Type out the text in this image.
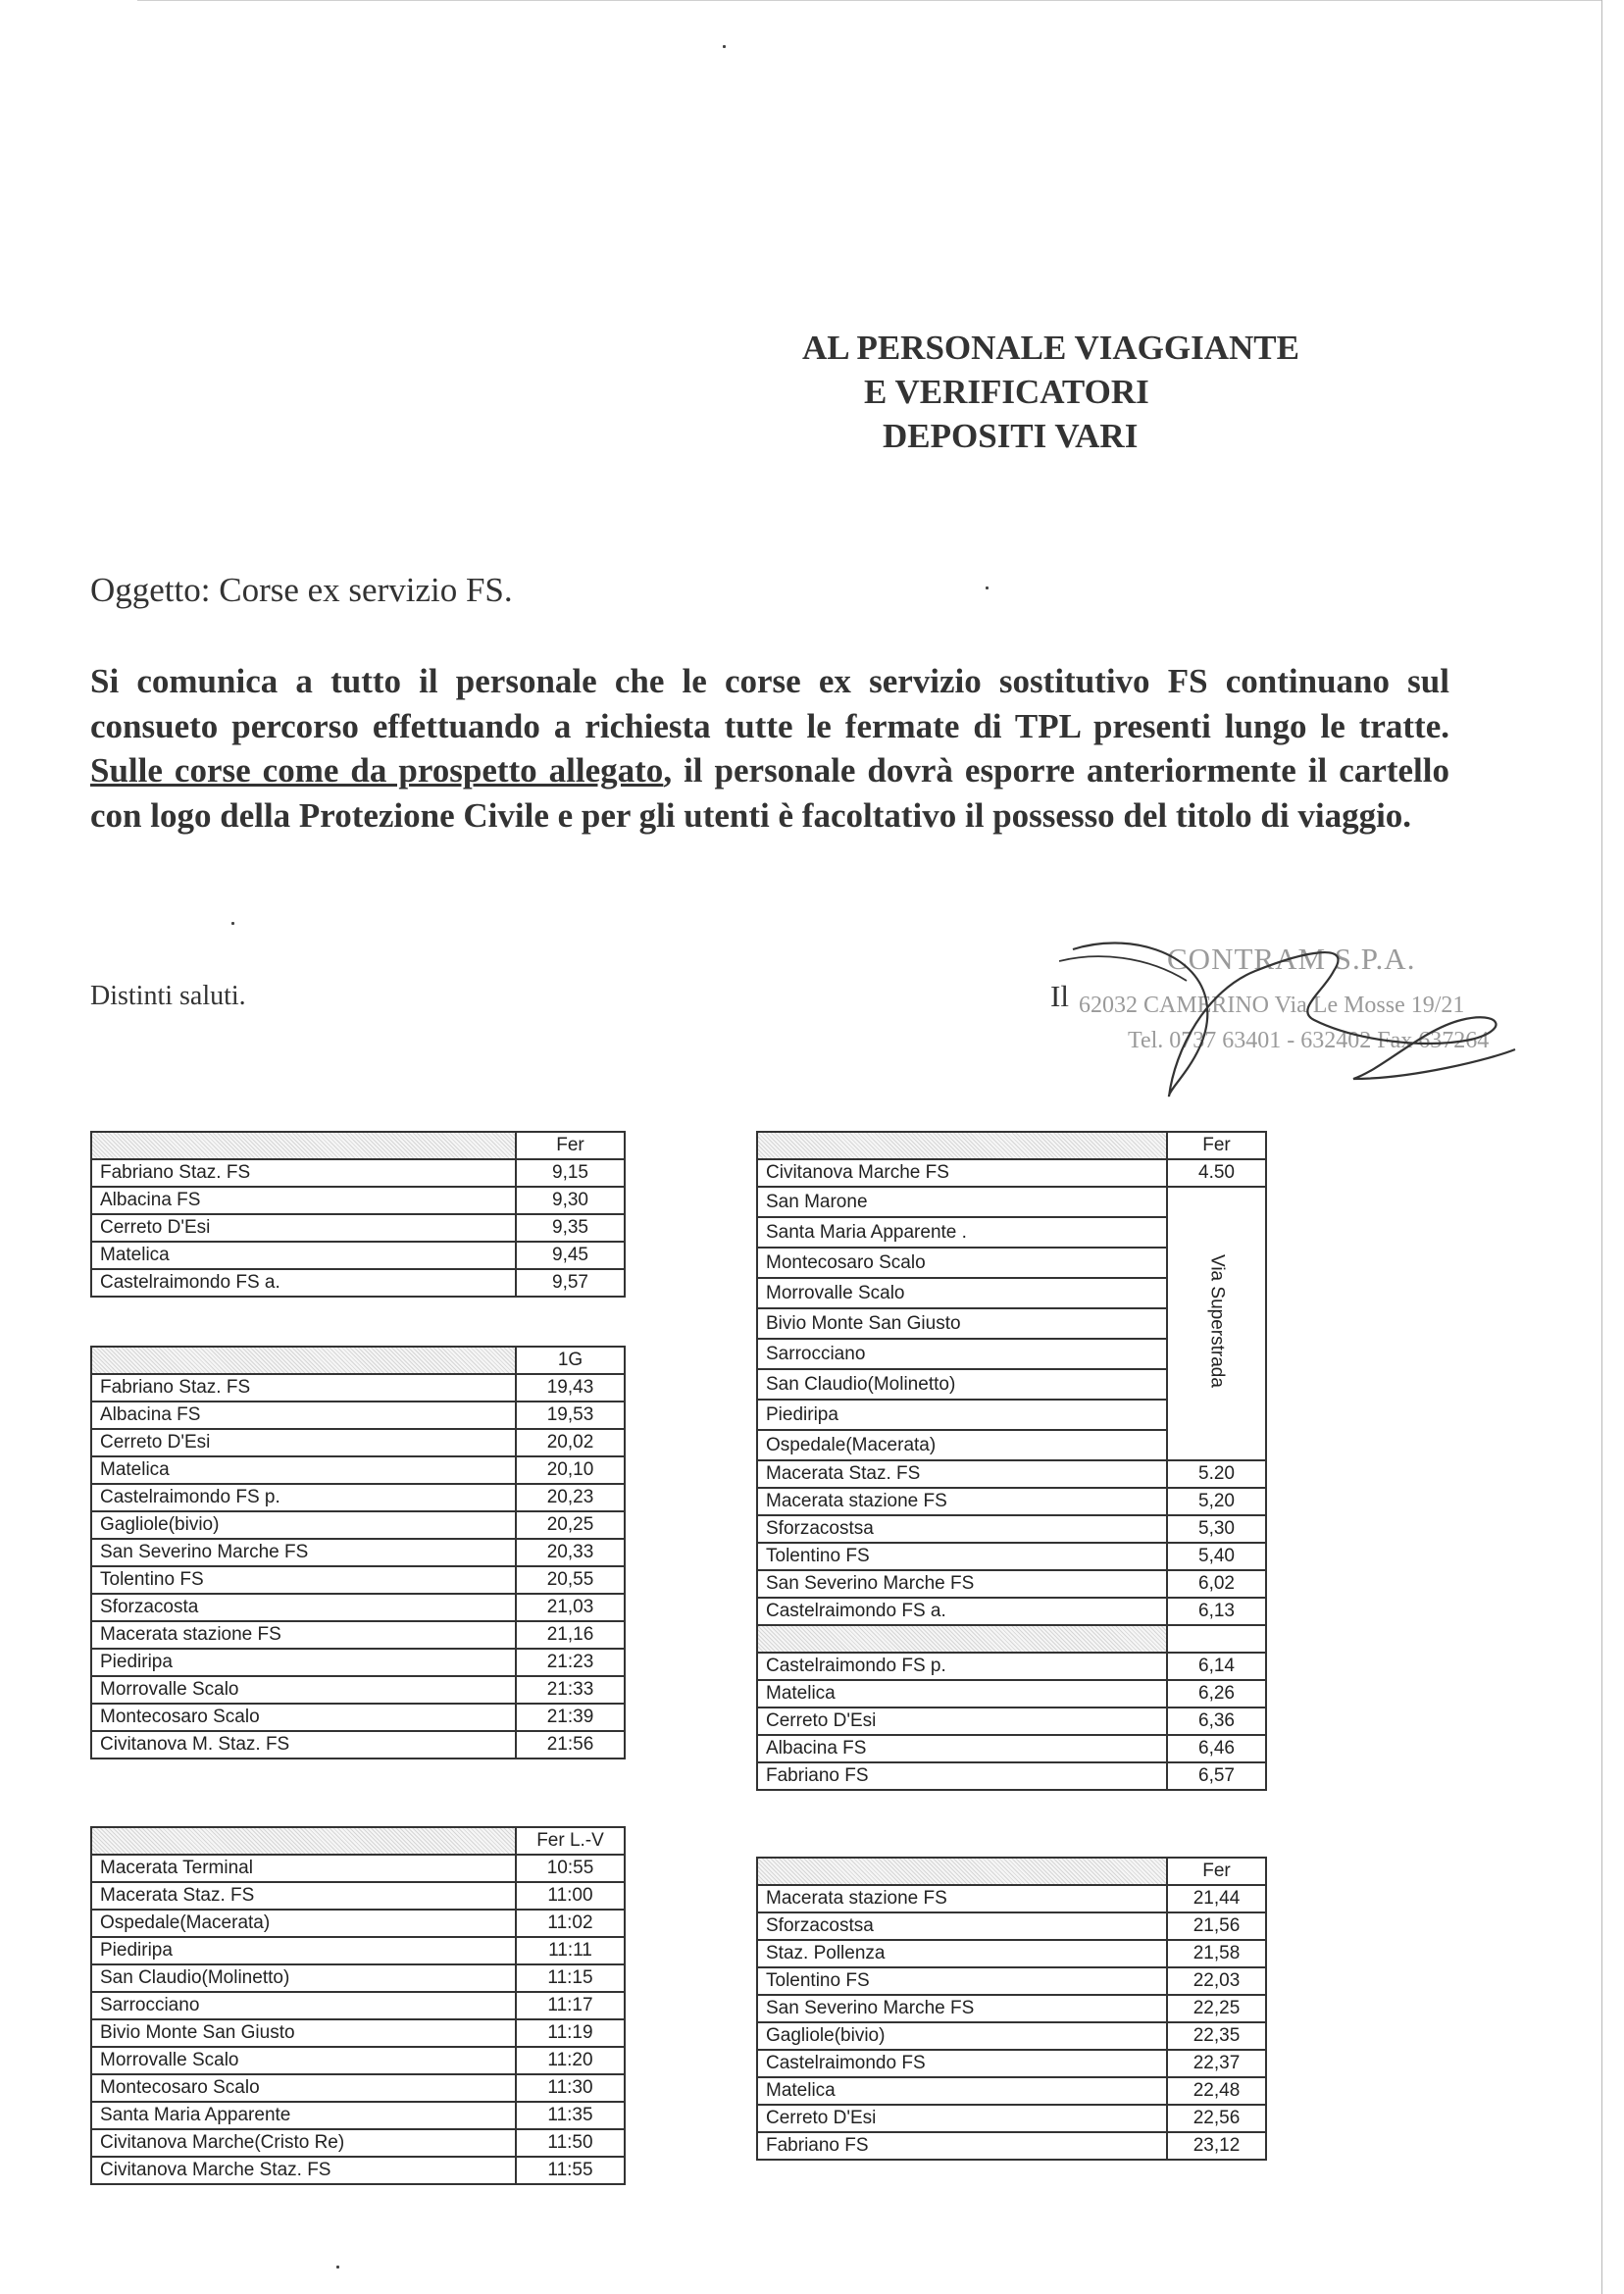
AL PERSONALE VIAGGIANTE
E VERIFICATORI
DEPOSITI VARI
Oggetto: Corse ex servizio FS.
Si comunica a tutto il personale che le corse ex servizio sostitutivo FS continuano sul consueto percorso effettuando a richiesta tutte le fermate di TPL presenti lungo le tratte. Sulle corse come da prospetto allegato, il personale dovrà esporre anteriormente il cartello con logo della Protezione Civile e per gli utenti è facoltativo il possesso del titolo di viaggio.
Distinti saluti.	Il
CONTRAM S.P.A.
62032 CAMERINO Via Le Mosse 19/21
Tel. 0737 63401 - 632402 Fax 637264
	Fer
Fabriano Staz. FS	9,15
Albacina FS	9,30
Cerreto D'Esi	9,35
Matelica	9,45
Castelraimondo FS a.	9,57
	1G
Fabriano Staz. FS	19,43
Albacina FS	19,53
Cerreto D'Esi	20,02
Matelica	20,10
Castelraimondo FS p.	20,23
Gagliole(bivio)	20,25
San Severino Marche FS	20,33
Tolentino FS	20,55
Sforzacosta	21,03
Macerata stazione FS	21,16
Piediripa	21:23
Morrovalle Scalo	21:33
Montecosaro Scalo	21:39
Civitanova M. Staz. FS	21:56
	Fer L.-V
Macerata Terminal	10:55
Macerata Staz. FS	11:00
Ospedale(Macerata)	11:02
Piediripa	11:11
San Claudio(Molinetto)	11:15
Sarrocciano	11:17
Bivio Monte San Giusto	11:19
Morrovalle Scalo	11:20
Montecosaro Scalo	11:30
Santa Maria Apparente	11:35
Civitanova Marche(Cristo Re)	11:50
Civitanova Marche Staz. FS	11:55
	Fer
Civitanova Marche FS	4.50
San Marone	Via Superstrada
Santa Maria Apparente .	
Montecosaro Scalo	
Morrovalle Scalo	
Bivio Monte San Giusto	
Sarrocciano	
San Claudio(Molinetto)	
Piediripa	
Ospedale(Macerata)	
Macerata Staz. FS	5.20
Macerata stazione FS	5,20
Sforzacostsa	5,30
Tolentino FS	5,40
San Severino Marche FS	6,02
Castelraimondo FS a.	6,13

Castelraimondo FS p.	6,14
Matelica	6,26
Cerreto D'Esi	6,36
Albacina FS	6,46
Fabriano FS	6,57
	Fer
Macerata stazione FS	21,44
Sforzacostsa	21,56
Staz. Pollenza	21,58
Tolentino FS	22,03
San Severino Marche FS	22,25
Gagliole(bivio)	22,35
Castelraimondo FS	22,37
Matelica	22,48
Cerreto D'Esi	22,56
Fabriano FS	23,12
